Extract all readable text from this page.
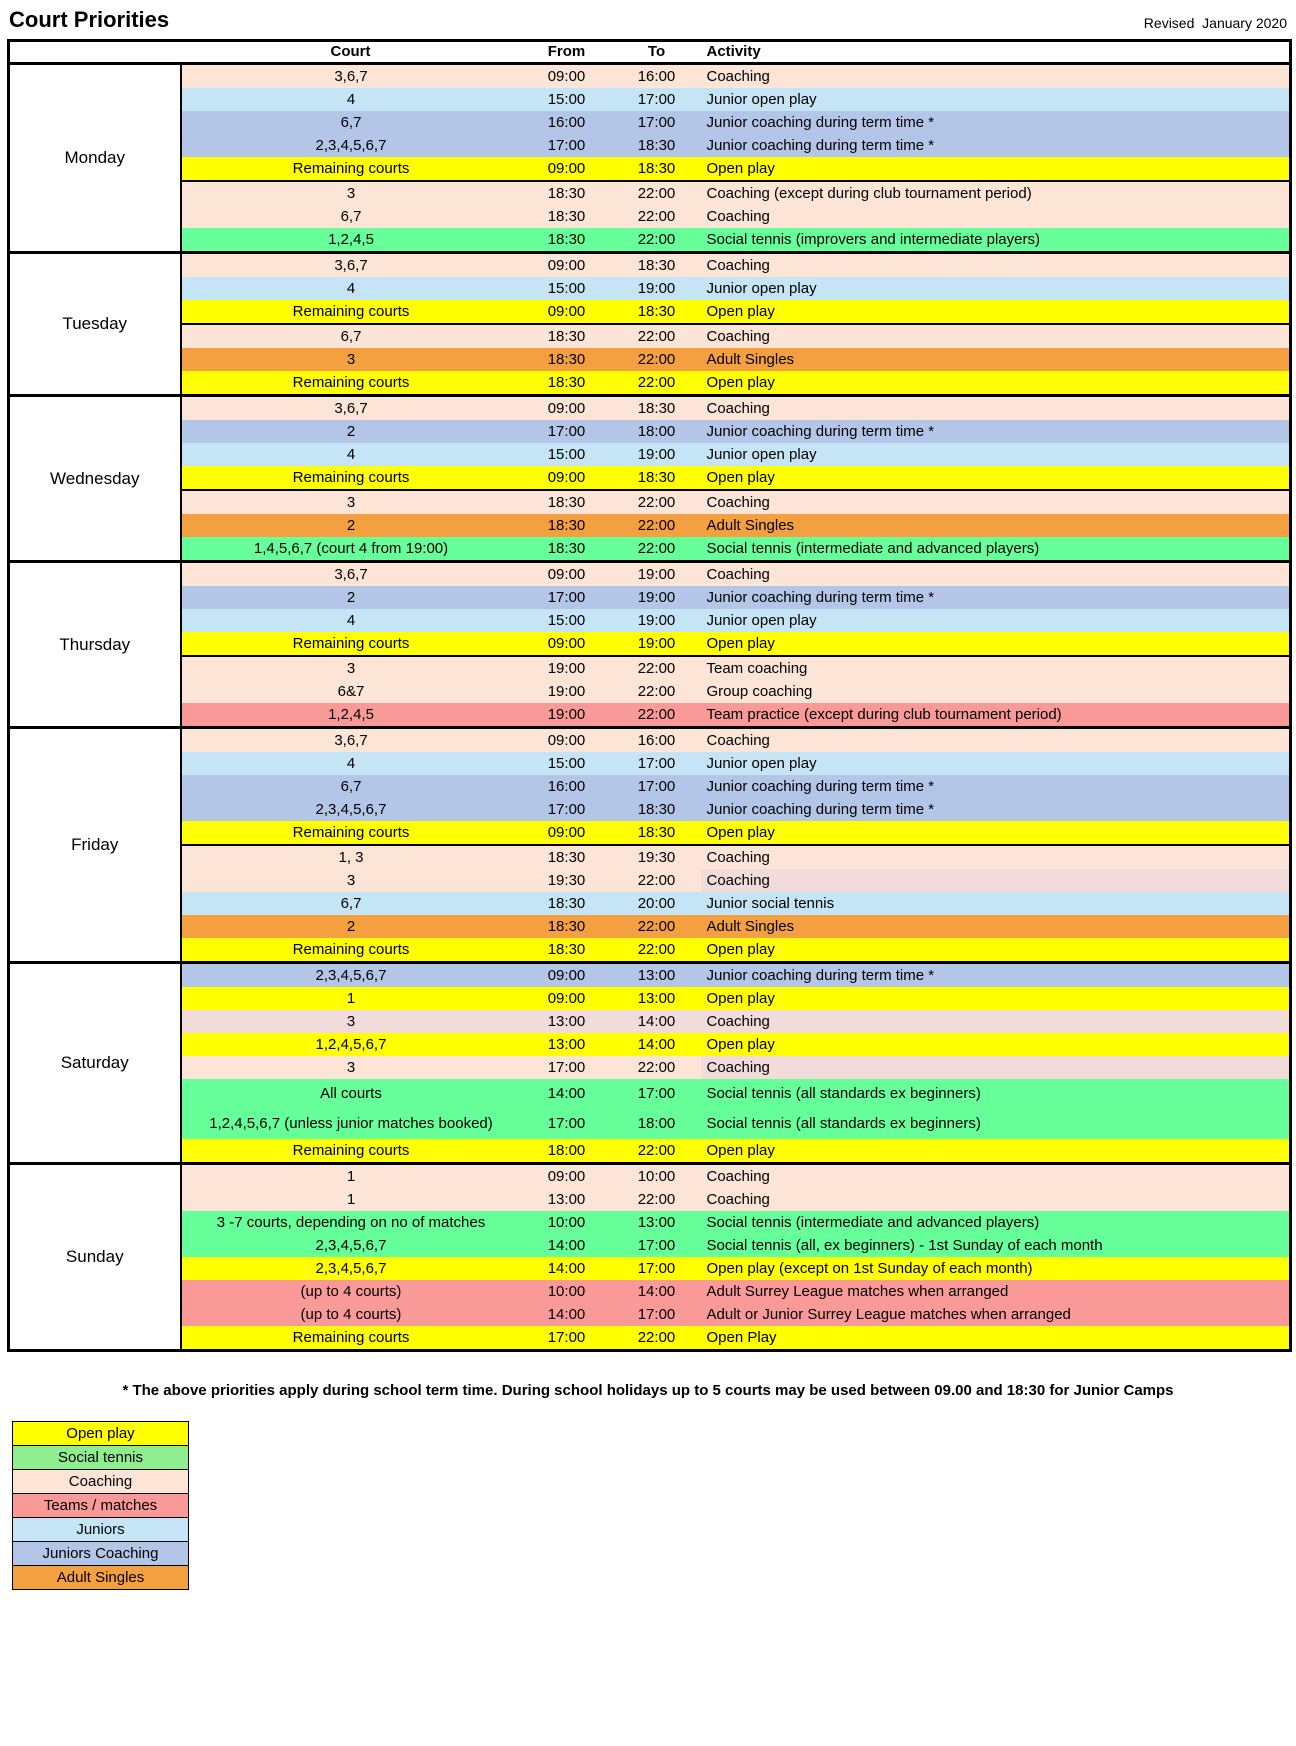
Court Priorities	Revised  January 2020
	Court	From	To	Activity
Monday	3,6,7	09:00	16:00	Coaching
	4	15:00	17:00	Junior open play
	6,7	16:00	17:00	Junior coaching during term time *
	2,3,4,5,6,7	17:00	18:30	Junior coaching during term time *
	Remaining courts	09:00	18:30	Open play
	3	18:30	22:00	Coaching (except during club tournament period)
	6,7	18:30	22:00	Coaching
	1,2,4,5	18:30	22:00	Social tennis (improvers and intermediate players)
Tuesday	3,6,7	09:00	18:30	Coaching
	4	15:00	19:00	Junior open play
	Remaining courts	09:00	18:30	Open play
	6,7	18:30	22:00	Coaching
	3	18:30	22:00	Adult Singles
	Remaining courts	18:30	22:00	Open play
Wednesday	3,6,7	09:00	18:30	Coaching
	2	17:00	18:00	Junior coaching during term time *
	4	15:00	19:00	Junior open play
	Remaining courts	09:00	18:30	Open play
	3	18:30	22:00	Coaching
	2	18:30	22:00	Adult Singles
	1,4,5,6,7 (court 4 from 19:00)	18:30	22:00	Social tennis (intermediate and advanced players)
Thursday	3,6,7	09:00	19:00	Coaching
	2	17:00	19:00	Junior coaching during term time *
	4	15:00	19:00	Junior open play
	Remaining courts	09:00	19:00	Open play
	3	19:00	22:00	Team coaching
	6&7	19:00	22:00	Group coaching
	1,2,4,5	19:00	22:00	Team practice (except during club tournament period)
Friday	3,6,7	09:00	16:00	Coaching
	4	15:00	17:00	Junior open play
	6,7	16:00	17:00	Junior coaching during term time *
	2,3,4,5,6,7	17:00	18:30	Junior coaching during term time *
	Remaining courts	09:00	18:30	Open play
	1, 3	18:30	19:30	Coaching
	3	19:30	22:00	Coaching
	6,7	18:30	20:00	Junior social tennis
	2	18:30	22:00	Adult Singles
	Remaining courts	18:30	22:00	Open play
Saturday	2,3,4,5,6,7	09:00	13:00	Junior coaching during term time *
	1	09:00	13:00	Open play
	3	13:00	14:00	Coaching
	1,2,4,5,6,7	13:00	14:00	Open play
	3	17:00	22:00	Coaching
	All courts	14:00	17:00	Social tennis (all standards ex beginners)
	1,2,4,5,6,7 (unless junior matches booked)	17:00	18:00	Social tennis (all standards ex beginners)
	Remaining courts	18:00	22:00	Open play
Sunday	1	09:00	10:00	Coaching
	1	13:00	22:00	Coaching
	3 -7 courts, depending on no of matches	10:00	13:00	Social tennis (intermediate and advanced players)
	2,3,4,5,6,7	14:00	17:00	Social tennis (all, ex beginners) - 1st Sunday of each month
	2,3,4,5,6,7	14:00	17:00	Open play (except on 1st Sunday of each month)
	(up to 4 courts)	10:00	14:00	Adult Surrey League matches when arranged
	(up to 4 courts)	14:00	17:00	Adult or Junior Surrey League matches when arranged
	Remaining courts	17:00	22:00	Open Play
* The above priorities apply during school term time. During school holidays up to 5 courts may be used between 09.00 and 18:30 for Junior Camps
Open play
Social tennis
Coaching
Teams / matches
Juniors
Juniors Coaching
Adult Singles
